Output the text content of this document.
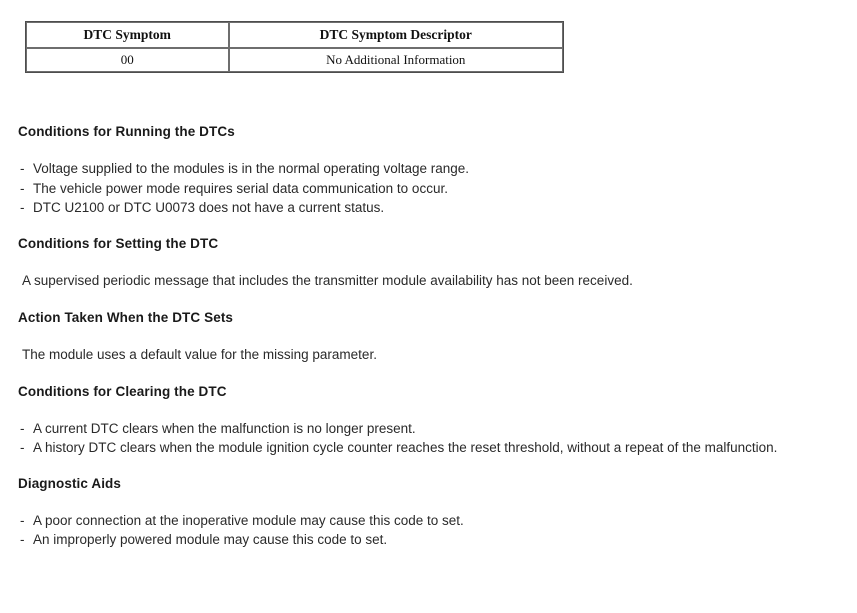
DTC Symptom	DTC Symptom Descriptor
00	No Additional Information
Conditions for Running the DTCs
- Voltage supplied to the modules is in the normal operating voltage range.
- The vehicle power mode requires serial data communication to occur.
- DTC U2100 or DTC U0073 does not have a current status.
Conditions for Setting the DTC

A supervised periodic message that includes the transmitter module availability has not been received.

Action Taken When the DTC Sets

The module uses a default value for the missing parameter.

Conditions for Clearing the DTC
- A current DTC clears when the malfunction is no longer present.
- A history DTC clears when the module ignition cycle counter reaches the reset threshold, without a repeat of the malfunction.
Diagnostic Aids
- A poor connection at the inoperative module may cause this code to set.
- An improperly powered module may cause this code to set.
